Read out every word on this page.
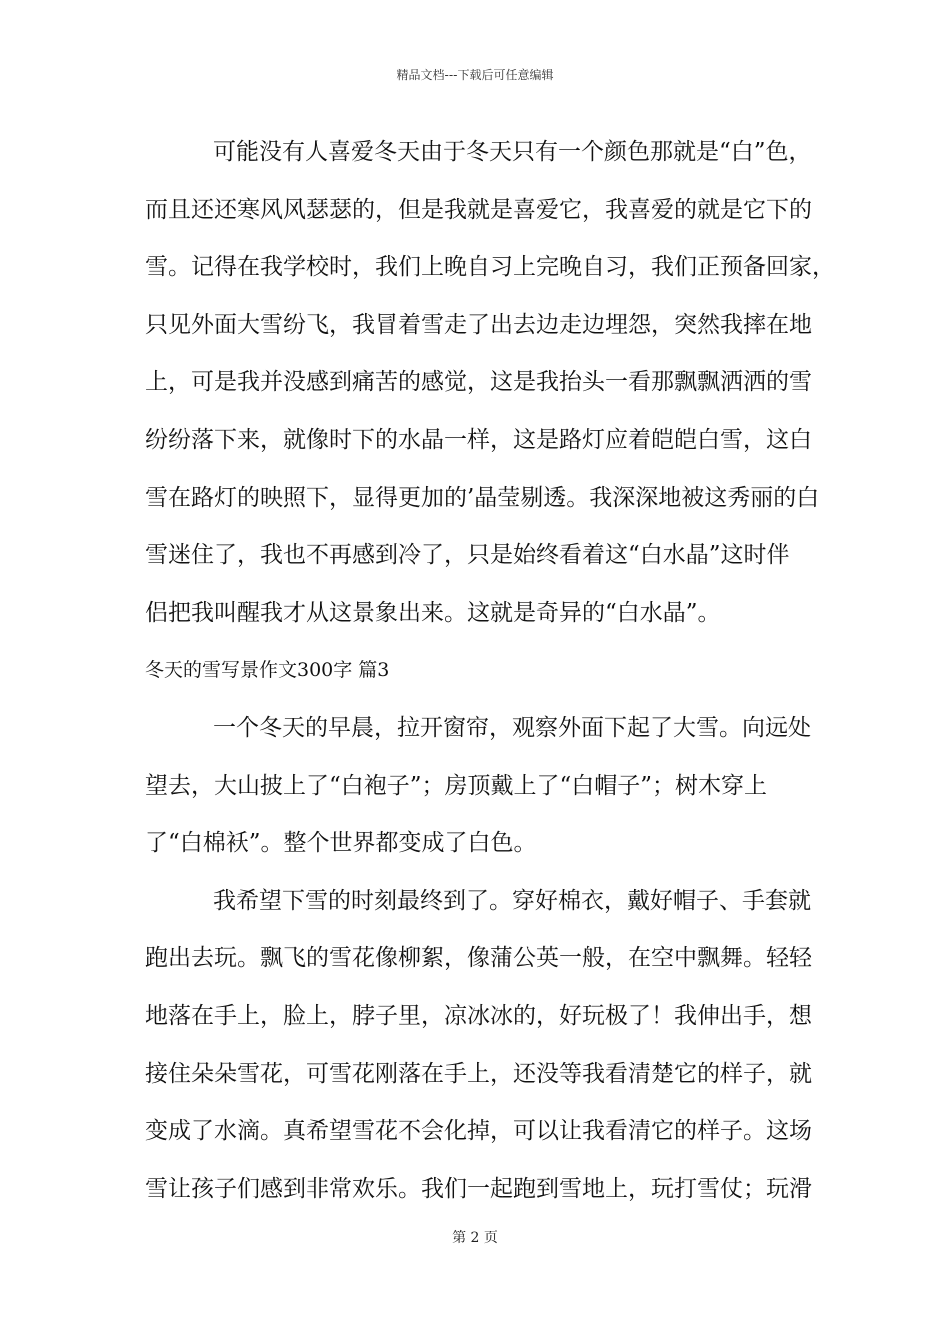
精品文档---下载后可任意编辑
可能没有人喜爱冬天由于冬天只有一个颜色那就是“白”色，
而且还还寒风风瑟瑟的，但是我就是喜爱它，我喜爱的就是它下的
雪。记得在我学校时，我们上晚自习上完晚自习，我们正预备回家，
只见外面大雪纷飞，我冒着雪走了出去边走边埋怨，突然我摔在地
上，可是我并没感到痛苦的感觉，这是我抬头一看那飘飘洒洒的雪
纷纷落下来，就像时下的水晶一样，这是路灯应着皑皑白雪，这白
雪在路灯的映照下，显得更加的’晶莹剔透。我深深地被这秀丽的白
雪迷住了，我也不再感到冷了，只是始终看着这“白水晶”这时伴
侣把我叫醒我才从这景象出来。这就是奇异的“白水晶”。
冬天的雪写景作文300字 篇3
一个冬天的早晨，拉开窗帘，观察外面下起了大雪。向远处
望去，大山披上了“白袍子”；房顶戴上了“白帽子”；树木穿上
了“白棉袄”。整个世界都变成了白色。
我希望下雪的时刻最终到了。穿好棉衣，戴好帽子、手套就
跑出去玩。飘飞的雪花像柳絮，像蒲公英一般，在空中飘舞。轻轻
地落在手上，脸上，脖子里，凉冰冰的，好玩极了！我伸出手，想
接住朵朵雪花，可雪花刚落在手上，还没等我看清楚它的样子，就
变成了水滴。真希望雪花不会化掉，可以让我看清它的样子。这场
雪让孩子们感到非常欢乐。我们一起跑到雪地上，玩打雪仗；玩滑
第 2 页
